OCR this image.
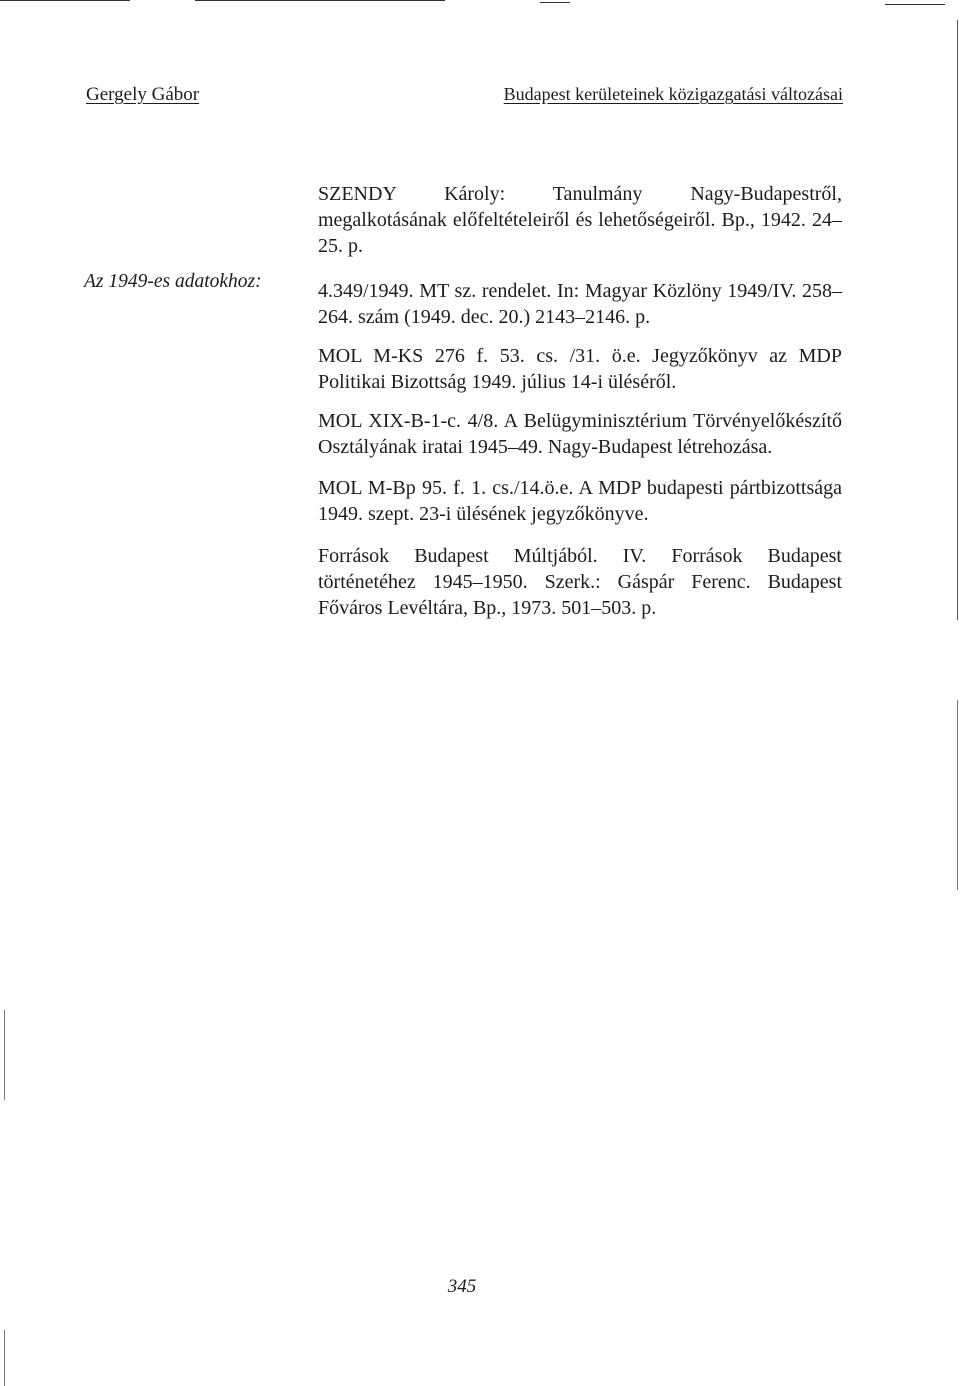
Gergely Gábor	Budapest kerületeinek közigazgatási változásai
Az 1949-es adatokhoz:

SZENDY Károly: Tanulmány Nagy-Budapestről, megalkotásának előfeltételeiről és lehetőségeiről. Bp., 1942. 24–25. p.

4.349/1949. MT sz. rendelet. In: Magyar Közlöny 1949/IV. 258–264. szám (1949. dec. 20.) 2143–2146. p.

MOL M-KS 276 f. 53. cs. /31. ö.e. Jegyzőkönyv az MDP Politikai Bizottság 1949. július 14-i üléséről.

MOL XIX-B-1-c. 4/8. A Belügyminisztérium Törvényelőkészítő Osztályának iratai 1945–49. Nagy-Budapest létrehozása.

MOL M-Bp 95. f. 1. cs./14.ö.e. A MDP budapesti pártbizottsága 1949. szept. 23-i ülésének jegyzőkönyve.

Források Budapest Múltjából. IV. Források Budapest történetéhez 1945–1950. Szerk.: Gáspár Ferenc. Budapest Főváros Levéltára, Bp., 1973. 501–503. p.

345
